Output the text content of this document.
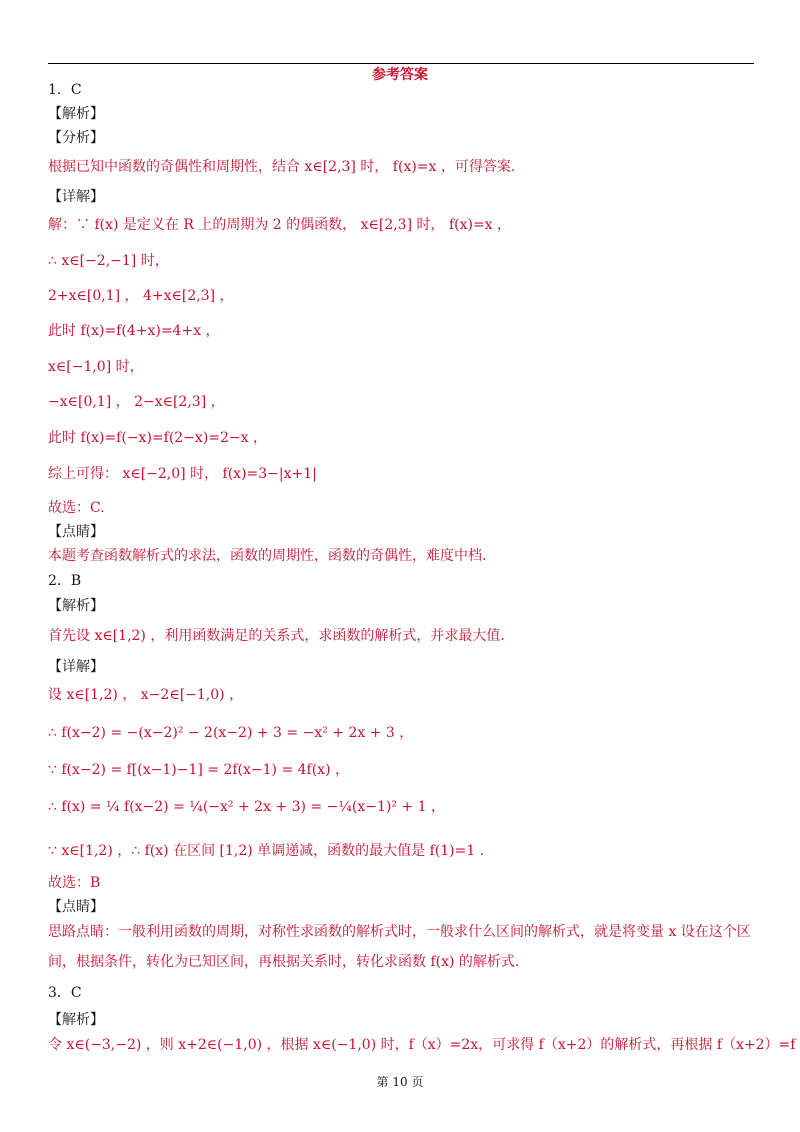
参考答案
1．C
【解析】
【分析】
根据已知中函数的奇偶性和周期性，结合 x∈[2,3] 时， f(x)=x ，可得答案.
【详解】
解：∵ f(x) 是定义在 R 上的周期为 2 的偶函数， x∈[2,3] 时， f(x)=x ，
∴ x∈[−2,−1] 时，
2+x∈[0,1] ， 4+x∈[2,3] ，
此时 f(x)=f(4+x)=4+x ，
x∈[−1,0] 时，
−x∈[0,1] ， 2−x∈[2,3] ，
此时 f(x)=f(−x)=f(2−x)=2−x ，
综上可得： x∈[−2,0] 时， f(x)=3−|x+1|
故选：C.
【点睛】
本题考查函数解析式的求法，函数的周期性，函数的奇偶性，难度中档.
2．B
【解析】
首先设 x∈[1,2) ，利用函数满足的关系式，求函数的解析式，并求最大值.
【详解】
设 x∈[1,2) ， x−2∈[−1,0) ，
∴ f(x−2) = −(x−2)² − 2(x−2) + 3 = −x² + 2x + 3 ，
∵ f(x−2) = f[(x−1)−1] = 2f(x−1) = 4f(x) ，
∴ f(x) = ¼ f(x−2) = ¼(−x² + 2x + 3) = −¼(x−1)² + 1 ，
∵ x∈[1,2) ，∴ f(x) 在区间 [1,2) 单调递减，函数的最大值是 f(1)=1 .
故选：B
【点睛】
思路点睛：一般利用函数的周期，对称性求函数的解析式时，一般求什么区间的解析式，就是将变量 x 设在这个区
间，根据条件，转化为已知区间，再根据关系时，转化求函数 f(x) 的解析式.
3．C
【解析】
令 x∈(−3,−2) ，则 x+2∈(−1,0) ，根据 x∈(−1,0) 时，f（x）=2x，可求得 f（x+2）的解析式，再根据 f（x+2）=f
第 10 页
